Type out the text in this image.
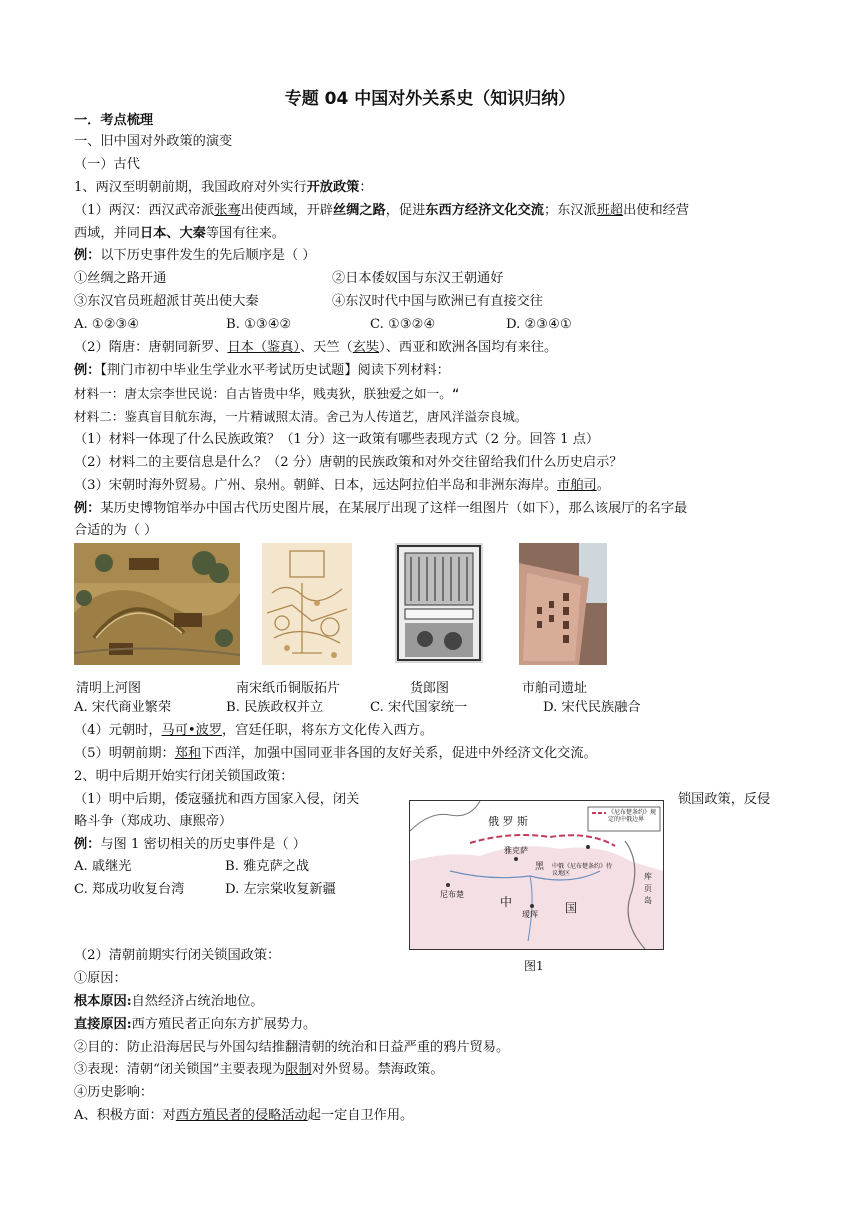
专题 04 中国对外关系史（知识归纳）
一．考点梳理
一、旧中国对外政策的演变
（一）古代
1、两汉至明朝前期，我国政府对外实行开放政策：
（1）两汉：西汉武帝派张骞出使西域，开辟丝绸之路，促进东西方经济文化交流；东汉派班超出使和经营
西域，并同日本、大秦等国有往来。
例：以下历史事件发生的先后顺序是（ ）
①丝绸之路开通	②日本倭奴国与东汉王朝通好
③东汉官员班超派甘英出使大秦	④东汉时代中国与欧洲已有直接交往
A. ①②③④	B. ①③④②	C. ①③②④	D. ②③④①
（2）隋唐：唐朝同新罗、日本（鉴真）、天竺（玄奘）、西亚和欧洲各国均有来往。
例：【荆门市初中毕业生学业水平考试历史试题】阅读下列材料：
材料一：唐太宗李世民说：自古皆贵中华，贱夷狄，朕独爱之如一。“
材料二：鉴真盲目航东海，一片精诚照太清。舍己为人传道艺，唐风洋溢奈良城。
（1）材料一体现了什么民族政策？（1 分）这一政策有哪些表现方式（2 分。回答 1 点）
（2）材料二的主要信息是什么？（2 分）唐朝的民族政策和对外交往留给我们什么历史启示？
（3）宋朝时海外贸易。广州、泉州。朝鲜、日本，远达阿拉伯半岛和非洲东海岸。市舶司。
例：某历史博物馆举办中国古代历史图片展，在某展厅出现了这样一组图片（如下），那么该展厅的名字最
合适的为（ ）
清明上河图	南宋纸币铜版拓片	货郎图	市舶司遗址
A. 宋代商业繁荣	B. 民族政权并立	C. 宋代国家统一	D. 宋代民族融合
（4）元朝时，马可•波罗，宫廷任职，将东方文化传入西方。
（5）明朝前期：郑和下西洋，加强中国同亚非各国的友好关系，促进中外经济文化交流。
2、明中后期开始实行闭关锁国政策：
（1）明中后期，倭寇骚扰和西方国家入侵，闭关	锁国政策，反侵
略斗争（郑成功、康熙帝）
例：与图 1 密切相关的历史事件是（ ）
A. 戚继光	B. 雅克萨之战
C. 郑成功收复台湾	D. 左宗棠收复新疆
俄 罗 斯
《尼布楚条约》规定的中俄边界
雅克萨
尼布楚
中	国
黑
瑷珲
中俄《尼布楚条约》待议地区	库页岛
图1
（2）清朝前期实行闭关锁国政策：
①原因：
根本原因:自然经济占统治地位。
直接原因:西方殖民者正向东方扩展势力。
②目的：防止沿海居民与外国勾结推翻清朝的统治和日益严重的鸦片贸易。
③表现：清朝“闭关锁国”主要表现为限制对外贸易。禁海政策。
④历史影响：
A、积极方面：对西方殖民者的侵略活动起一定自卫作用。
